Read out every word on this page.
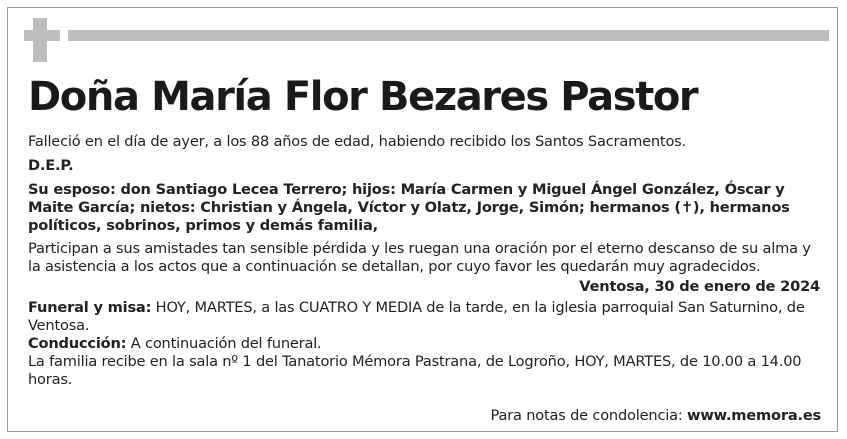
Doña María Flor Bezares Pastor

Falleció en el día de ayer, a los 88 años de edad, habiendo recibido los Santos Sacramentos.

D.E.P.

Su esposo: don Santiago Lecea Terrero; hijos: María Carmen y Miguel Ángel González, Óscar y Maite García; nietos: Christian y Ángela, Víctor y Olatz, Jorge, Simón; hermanos (✝), hermanos políticos, sobrinos, primos y demás familia,

Participan a sus amistades tan sensible pérdida y les ruegan una oración por el eterno descanso de su alma y la asistencia a los actos que a continuación se detallan, por cuyo favor les quedarán muy agradecidos.

Ventosa, 30 de enero de 2024

Funeral y misa: HOY, MARTES, a las CUATRO Y MEDIA de la tarde, en la iglesia parroquial San Saturnino, de Ventosa.

Conducción: A continuación del funeral.

La familia recibe en la sala nº 1 del Tanatorio Mémora Pastrana, de Logroño, HOY, MARTES, de 10.00 a 14.00 horas.

Para notas de condolencia: www.memora.es
